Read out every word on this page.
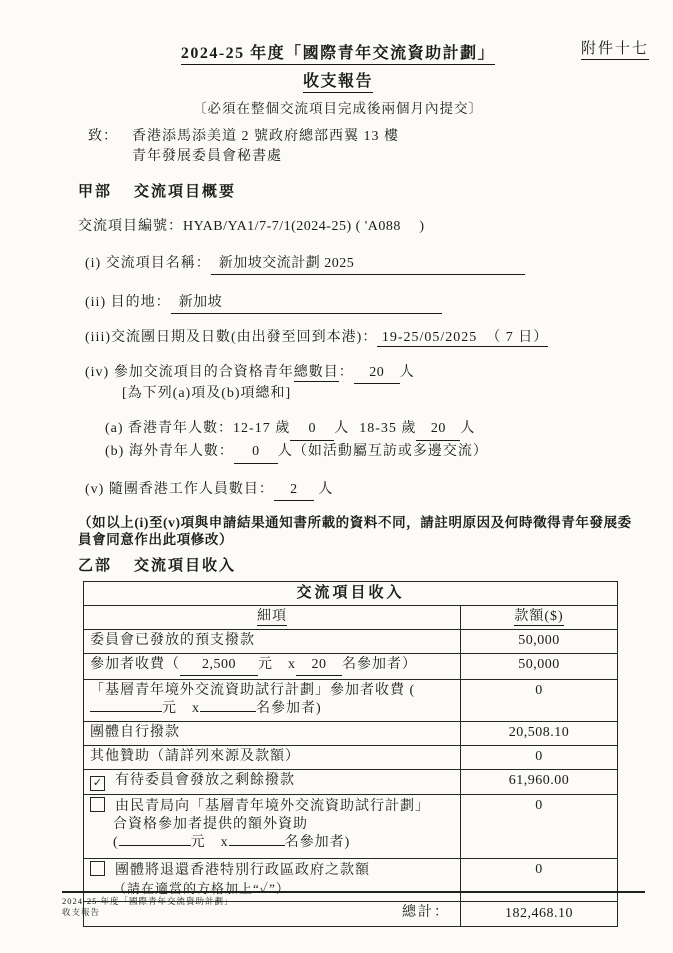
附件十七
2024-25 年度「國際青年交流資助計劃」
收支報告
〔必須在整個交流項目完成後兩個月內提交〕
致： 香港添馬添美道 2 號政府總部西翼 13 樓
青年發展委員會秘書處
甲部 交流項目概要
交流項目編號：HYAB/YA1/7-7/1(2024-25) ( 'A088　 )
(i) 交流項目名稱： 新加坡交流計劃 2025
(ii) 目的地： 新加坡
(iii)交流團日期及日數(由出發至回到本港)： 19-25/05/2025 （ 7 日）
(iv) 參加交流項目的合資格青年總數目： 20 人
[為下列(a)項及(b)項總和]
(a) 香港青年人數：12-17 歲 0 人 18-35 歲 20 人
(b) 海外青年人數： 0 人（如活動屬互訪或多邊交流）
(v) 隨團香港工作人員數目： 2 人
（如以上(i)至(v)項與申請結果通知書所載的資料不同，請註明原因及何時徵得青年發展委員會同意作出此項修改）
乙部 交流項目收入
交流項目收入	
細項	款額($)
委員會已發放的預支撥款	50,000
參加者收費（ 2,500 元　x 20 名參加者）	50,000
「基層青年境外交流資助試行計劃」參加者收費 (元　x 名參加者)	0
團體自行撥款	20,508.10
其他贊助（請詳列來源及款額）	0
✓ 有待委員會發放之剩餘撥款	61,960.00
由民青局向「基層青年境外交流資助試行計劃」
合資格參加者提供的額外資助
( 元　x 名參加者)	0
團體將退還香港特別行政區政府之款額
（請在適當的方格加上“✓”）	0
總計：	182,468.10
2024-25 年度「國際青年交流資助計劃」
收支報告
